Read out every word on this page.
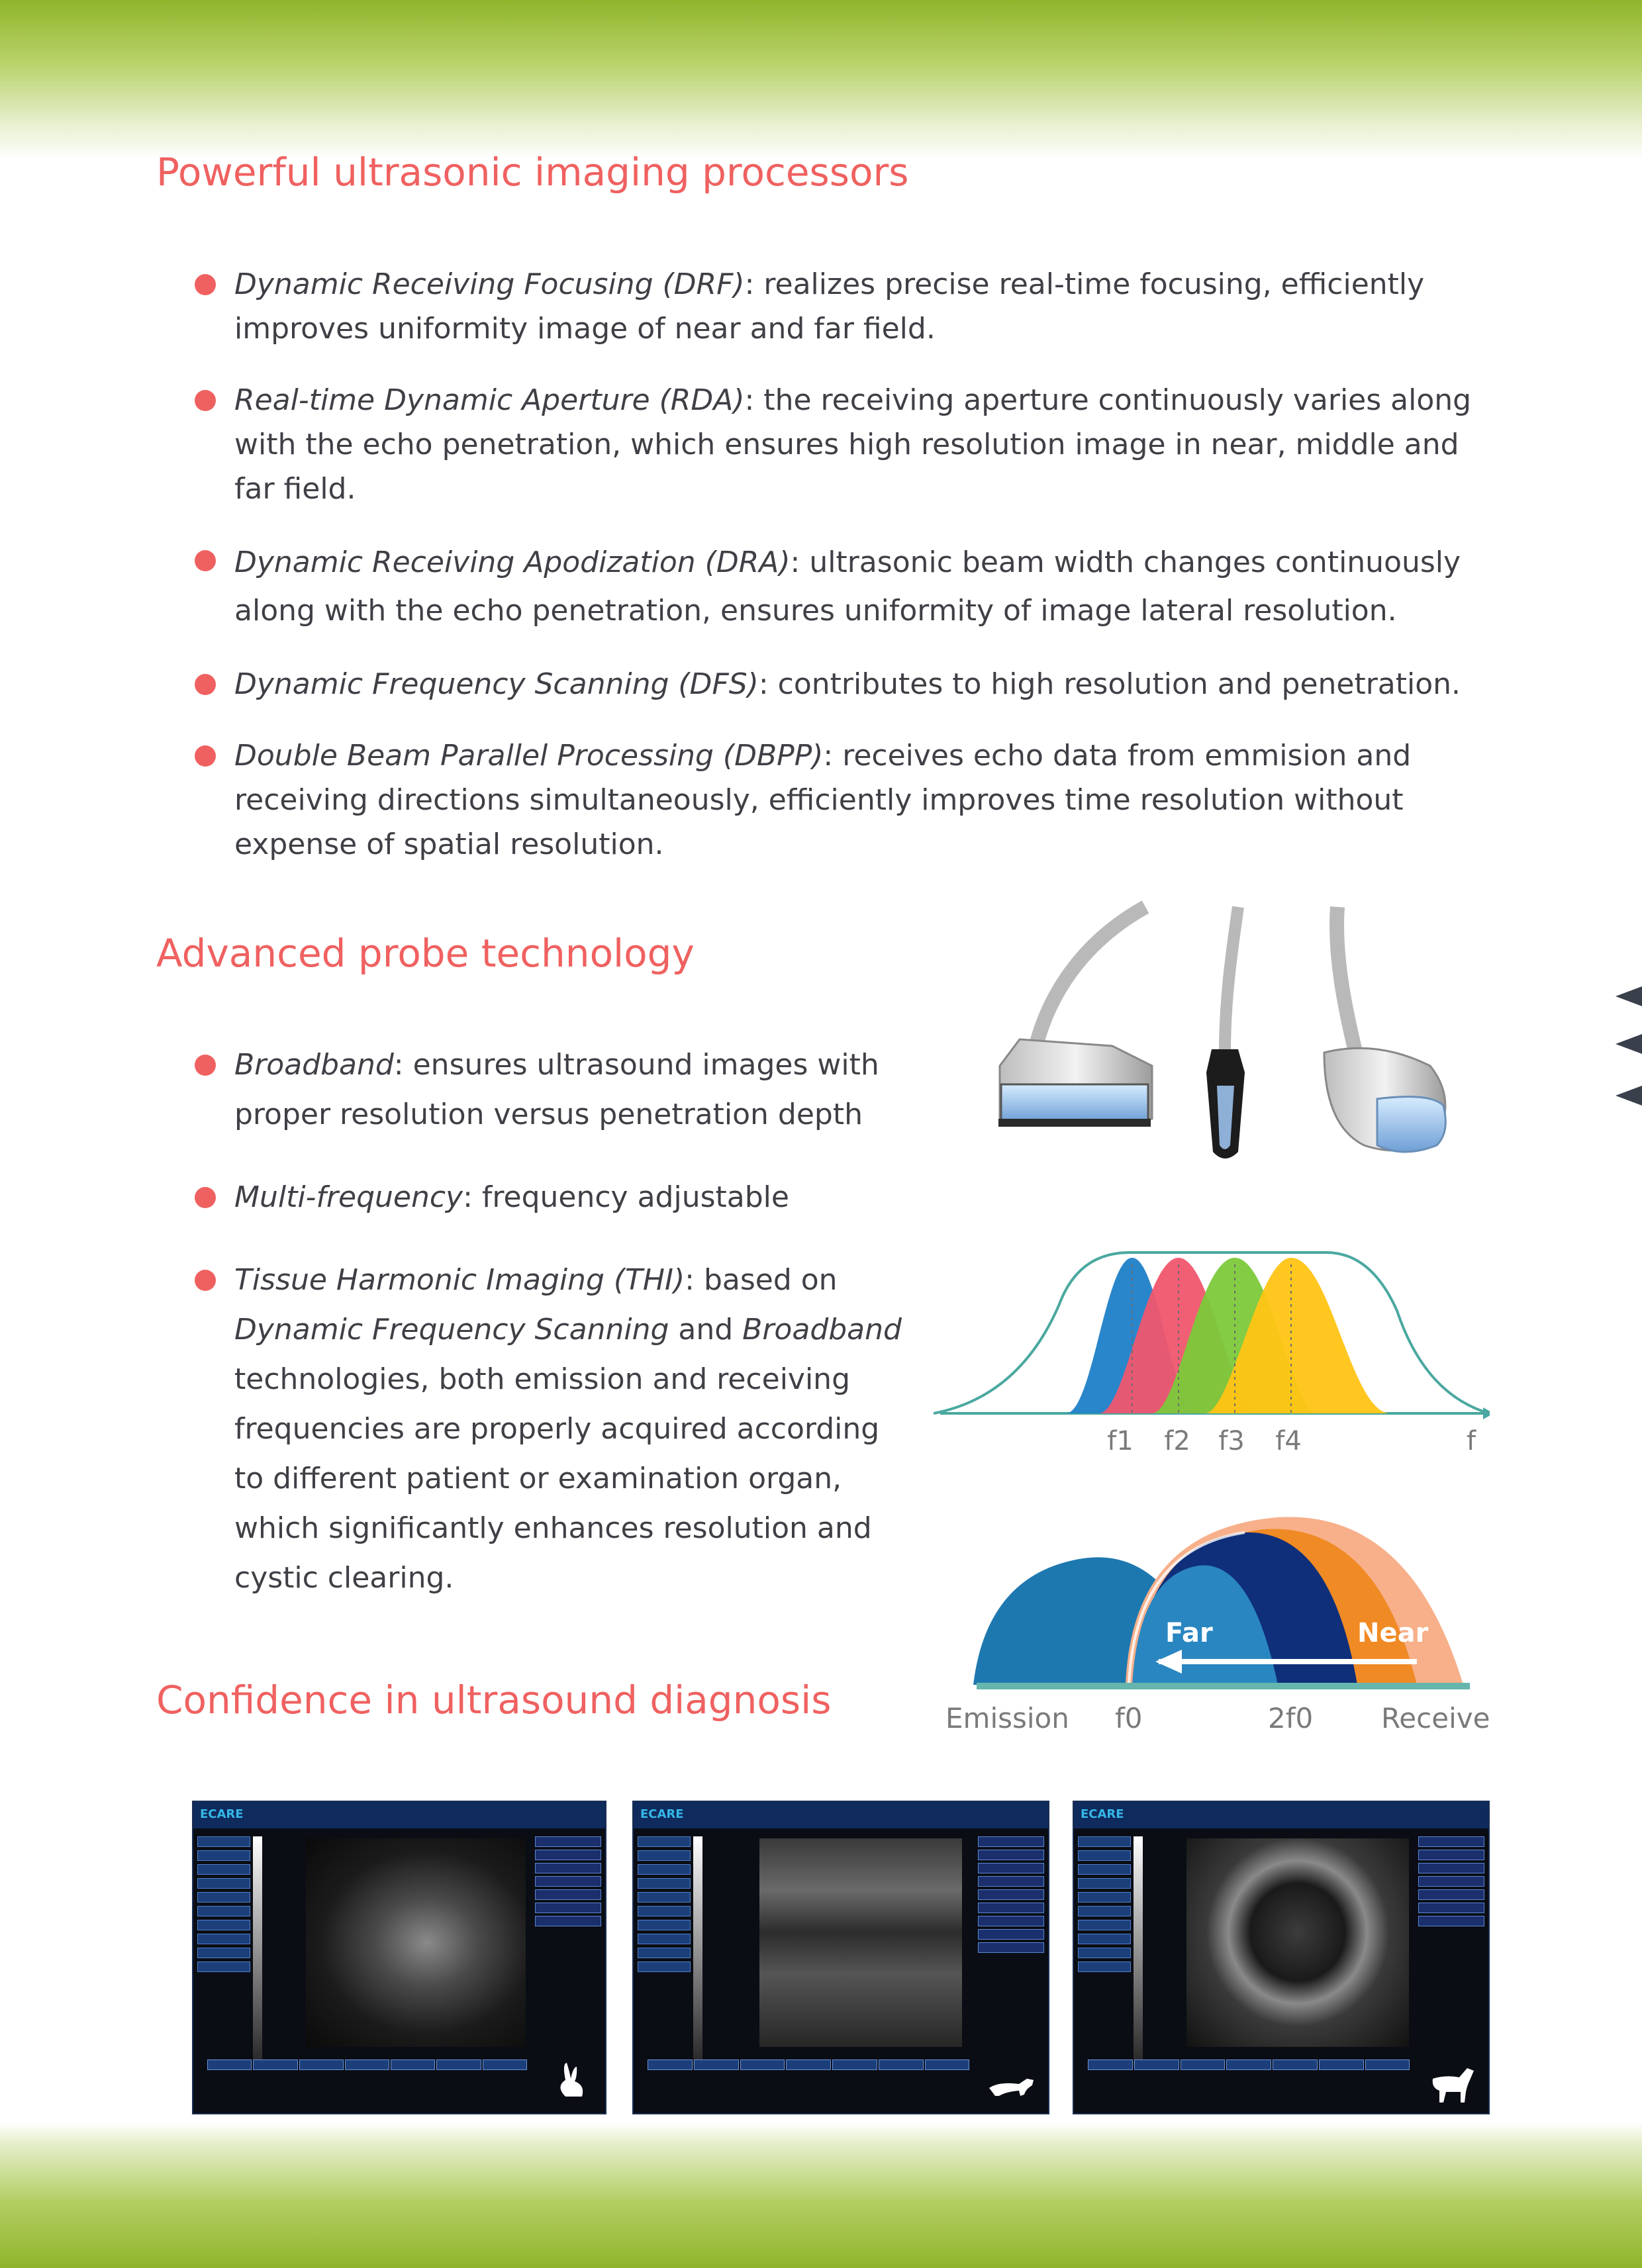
Powerful ultrasonic imaging processors
Dynamic Receiving Focusing (DRF): realizes precise real-time focusing, efficiently improves uniformity image of near and far field.
Real-time Dynamic Aperture (RDA): the receiving aperture continuously varies along with the echo penetration, which ensures high resolution image in near, middle and far field.
Dynamic Receiving Apodization (DRA): ultrasonic beam width changes continuously along with the echo penetration, ensures uniformity of image lateral resolution.
Dynamic Frequency Scanning (DFS): contributes to high resolution and penetration.
Double Beam Parallel Processing (DBPP): receives echo data from emmision and receiving directions simultaneously, efficiently improves time resolution without expense of spatial resolution.
Advanced probe technology
Broadband: ensures ultrasound images with proper resolution versus penetration depth
Multi-frequency: frequency adjustable
Tissue Harmonic Imaging (THI): based on Dynamic Frequency Scanning and Broadband technologies, both emission and receiving frequencies are properly acquired according to different patient or examination organ, which significantly enhances resolution and cystic clearing.
f1 f2 f3 f4	f
Far	Near
Emission f0	2f0 Receive
Confidence in ultrasound diagnosis
ECARE	ECARE	ECARE
